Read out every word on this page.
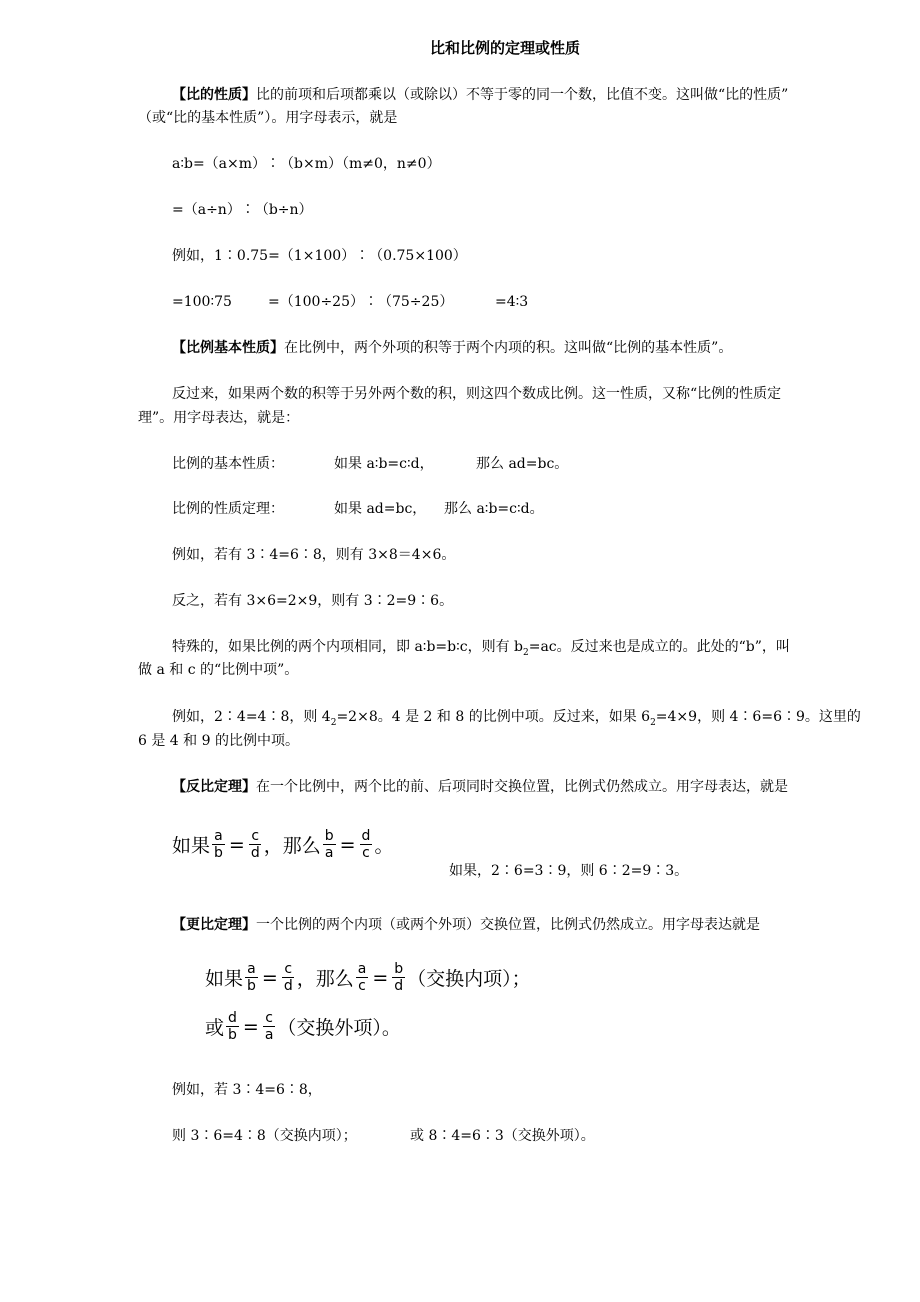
比和比例的定理或性质
【比的性质】比的前项和后项都乘以（或除以）不等于零的同一个数，比值不变。这叫做“比的性质”
（或“比的基本性质”）。用字母表示，就是
a∶b=（a×m）∶（b×m）（m≠0，n≠0）
=（a÷n）∶（b÷n）
例如，1∶0.75=（1×100）∶（0.75×100）
=100∶75	=（100÷25）∶（75÷25）	=4∶3
【比例基本性质】在比例中，两个外项的积等于两个内项的积。这叫做“比例的基本性质”。
反过来，如果两个数的积等于另外两个数的积，则这四个数成比例。这一性质，又称“比例的性质定
理”。用字母表达，就是：
比例的基本性质：	如果 a∶b=c∶d，	那么 ad=bc。
比例的性质定理：	如果 ad=bc， 那么 a∶b=c∶d。
例如，若有 3∶4=6∶8，则有 3×8＝4×6。
反之，若有 3×6=2×9，则有 3∶2=9∶6。
特殊的，如果比例的两个内项相同，即 a∶b=b∶c，则有 $b_2=ac$。反过来也是成立的。此处的“b”，叫
做 a 和 c 的“比例中项”。
例如，2∶4=4∶8，则 $4_2=2\times 8$。4 是 2 和 8 的比例中项。反过来，如果 $6_2=4\times 9$，则 4∶6=6∶9。这里的
6 是 4 和 9 的比例中项。
【反比定理】在一个比例中，两个比的前、后项同时交换位置，比例式仍然成立。用字母表达，就是
如果 $\frac{a}{b} = \frac{c}{d}$ ，那么 $\frac{b}{a} = \frac{d}{c}$ 。
如果，2∶6=3∶9，则 6∶2=9∶3。
【更比定理】一个比例的两个内项（或两个外项）交换位置，比例式仍然成立。用字母表达就是
如果 $\frac{a}{b} = \frac{c}{d}$ ，那么 $\frac{a}{c} = \frac{b}{d}$ （交换内项）；
或 $\frac{d}{b} = \frac{c}{a}$ （交换外项）。
例如，若 3∶4=6∶8，
则 3∶6=4∶8（交换内项）；	或 8∶4=6∶3（交换外项）。
